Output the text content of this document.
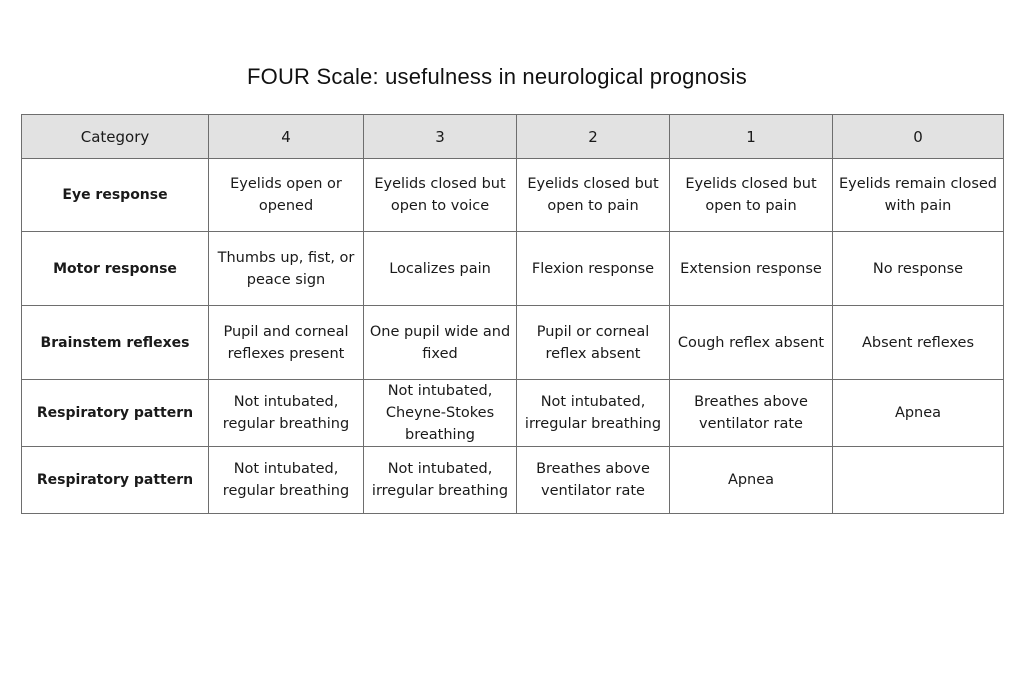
FOUR Scale: usefulness in neurological prognosis
Category	4	3	2	1	0
Eye response	Eyelids open or opened	Eyelids closed but open to voice	Eyelids closed but open to pain	Eyelids closed but open to pain	Eyelids remain closed with pain
Motor response	Thumbs up, fist, or peace sign	Localizes pain	Flexion response	Extension response	No response
Brainstem reflexes	Pupil and corneal reflexes present	One pupil wide and fixed	Pupil or corneal reflex absent	Cough reflex absent	Absent reflexes
Respiratory pattern	Not intubated, regular breathing	Not intubated, Cheyne-Stokes breathing	Not intubated, irregular breathing	Breathes above ventilator rate	Apnea
Respiratory pattern	Not intubated, regular breathing	Not intubated, irregular breathing	Breathes above ventilator rate	Apnea	
